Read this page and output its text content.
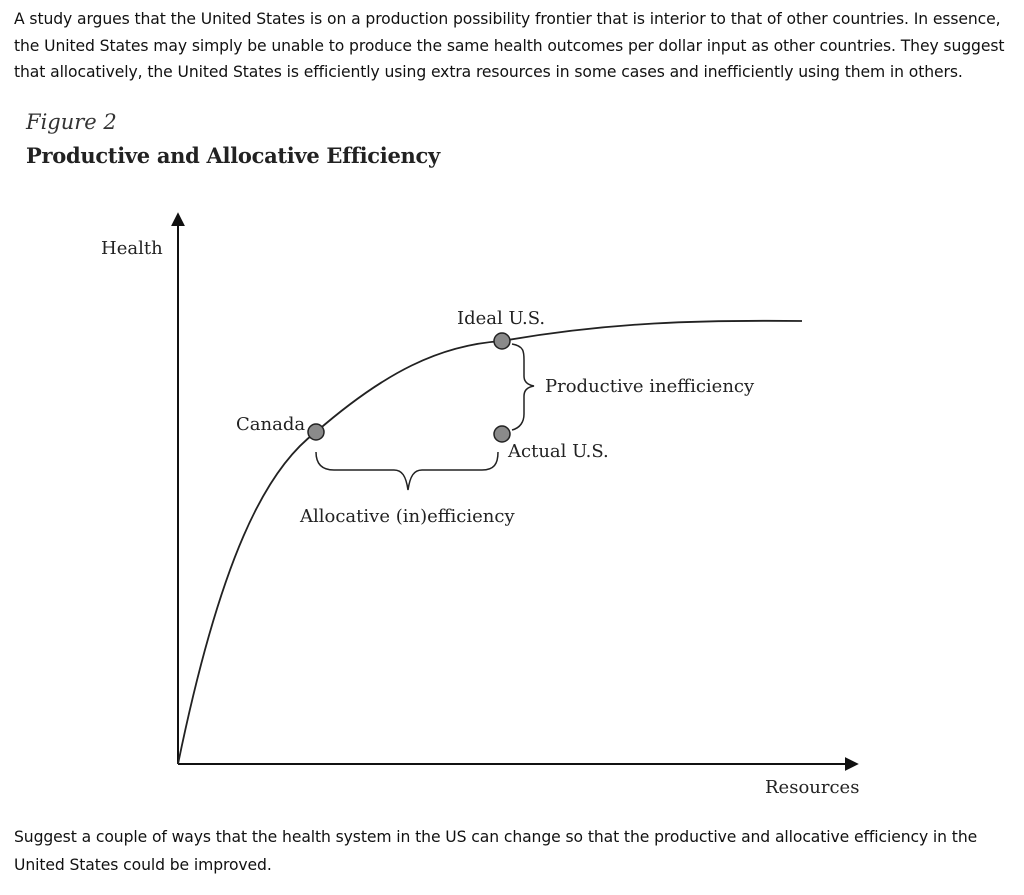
A study argues that the United States is on a production possibility frontier that is interior to that of other countries. In essence, the United States may simply be unable to produce the same health outcomes per dollar input as other countries. They suggest that allocatively, the United States is efficiently using extra resources in some cases and inefficiently using them in others.

Figure 2
Productive and Allocative Efficiency
Health
Resources
Ideal U.S.
Canada
Actual U.S.
Productive inefficiency
Allocative (in)efficiency

Suggest a couple of ways that the health system in the US can change so that the productive and allocative efficiency in the United States could be improved.
